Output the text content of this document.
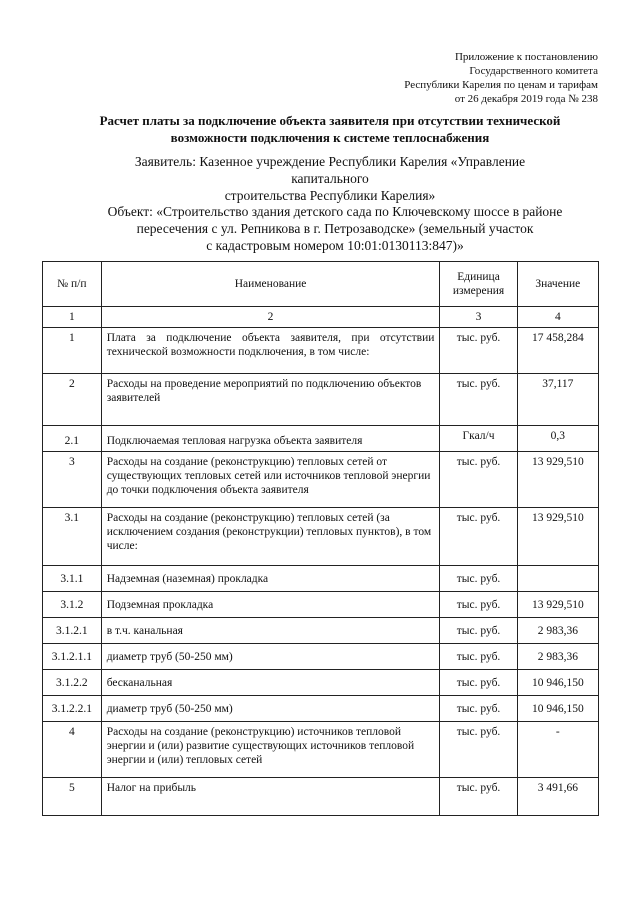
Приложение к постановлению
Государственного комитета
Республики Карелия по ценам и тарифам
от 26 декабря 2019 года № 238
Расчет платы за подключение объекта заявителя при отсутствии технической
возможности подключения к системе теплоснабжения
Заявитель: Казенное учреждение Республики Карелия «Управление капитального
строительства Республики Карелия»
Объект: «Строительство здания детского сада по Ключевскому шоссе в районе
пересечения с ул. Репникова в г. Петрозаводске» (земельный участок
с кадастровым номером 10:01:0130113:847)»
№ п/п	Наименование	Единица измерения	Значение
1	2	3	4
1	Плата за подключение объекта заявителя, при отсутствии технической возможности подключения, в том числе:	тыс. руб.	17 458,284
2	Расходы на проведение мероприятий по подключению объектов заявителей	тыс. руб.	37,117
2.1	Подключаемая тепловая нагрузка объекта заявителя	Гкал/ч	0,3
3	Расходы на создание (реконструкцию) тепловых сетей от существующих тепловых сетей или источников тепловой энергии до точки подключения объекта заявителя	тыс. руб.	13 929,510
3.1	Расходы на создание (реконструкцию) тепловых сетей (за исключением создания (реконструкции) тепловых пунктов), в том числе:	тыс. руб.	13 929,510
3.1.1	Надземная (наземная) прокладка	тыс. руб.	
3.1.2	Подземная прокладка	тыс. руб.	13 929,510
3.1.2.1	в т.ч. канальная	тыс. руб.	2 983,36
3.1.2.1.1	диаметр труб (50-250 мм)	тыс. руб.	2 983,36
3.1.2.2	бесканальная	тыс. руб.	10 946,150
3.1.2.2.1	диаметр труб (50-250 мм)	тыс. руб.	10 946,150
4	Расходы на создание (реконструкцию) источников тепловой энергии и (или) развитие существующих источников тепловой энергии и (или) тепловых сетей	тыс. руб.	-
5	Налог на прибыль	тыс. руб.	3 491,66
